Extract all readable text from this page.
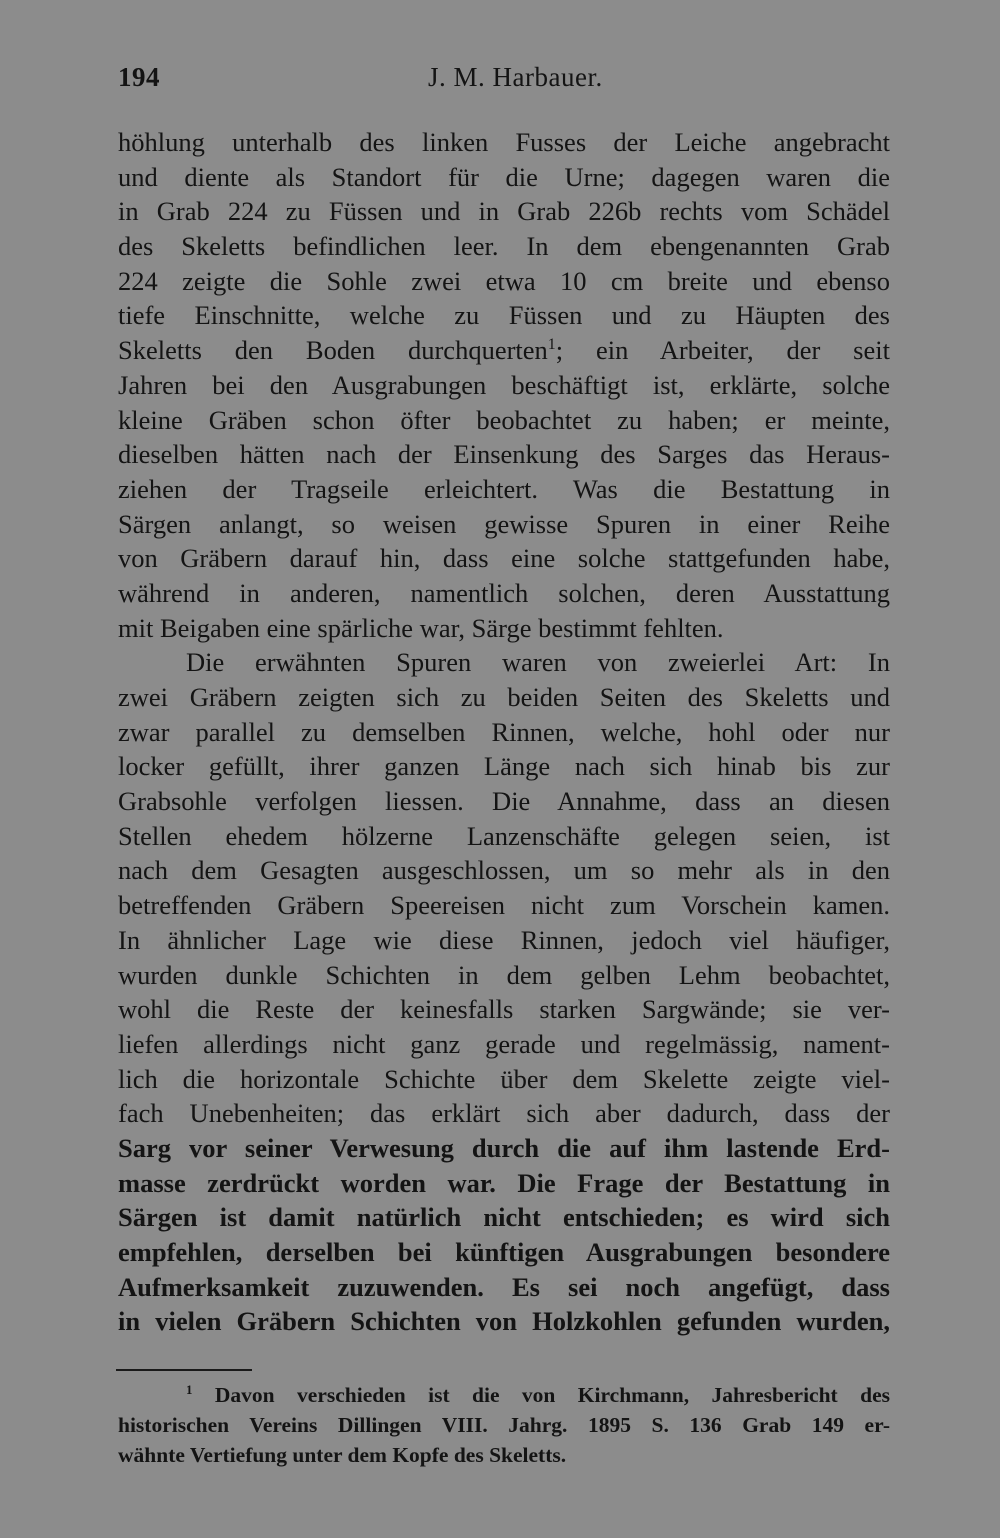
194	J. M. Harbauer.
höhlung unterhalb des linken Fusses der Leiche angebracht
und diente als Standort für die Urne; dagegen waren die
in Grab 224 zu Füssen und in Grab 226b rechts vom Schädel
des Skeletts befindlichen leer. In dem ebengenannten Grab
224 zeigte die Sohle zwei etwa 10 cm breite und ebenso
tiefe Einschnitte, welche zu Füssen und zu Häupten des
Skeletts den Boden durchquerten$^1$; ein Arbeiter, der seit
Jahren bei den Ausgrabungen beschäftigt ist, erklärte, solche
kleine Gräben schon öfter beobachtet zu haben; er meinte,
dieselben hätten nach der Einsenkung des Sarges das Heraus-
ziehen der Tragseile erleichtert. Was die Bestattung in
Särgen anlangt, so weisen gewisse Spuren in einer Reihe
von Gräbern darauf hin, dass eine solche stattgefunden habe,
während in anderen, namentlich solchen, deren Ausstattung
mit Beigaben eine spärliche war, Särge bestimmt fehlten.
Die erwähnten Spuren waren von zweierlei Art: In
zwei Gräbern zeigten sich zu beiden Seiten des Skeletts und
zwar parallel zu demselben Rinnen, welche, hohl oder nur
locker gefüllt, ihrer ganzen Länge nach sich hinab bis zur
Grabsohle verfolgen liessen. Die Annahme, dass an diesen
Stellen ehedem hölzerne Lanzenschäfte gelegen seien, ist
nach dem Gesagten ausgeschlossen, um so mehr als in den
betreffenden Gräbern Speereisen nicht zum Vorschein kamen.
In ähnlicher Lage wie diese Rinnen, jedoch viel häufiger,
wurden dunkle Schichten in dem gelben Lehm beobachtet,
wohl die Reste der keinesfalls starken Sargwände; sie ver-
liefen allerdings nicht ganz gerade und regelmässig, nament-
lich die horizontale Schichte über dem Skelette zeigte viel-
fach Unebenheiten; das erklärt sich aber dadurch, dass der
Sarg vor seiner Verwesung durch die auf ihm lastende Erd-
masse zerdrückt worden war. Die Frage der Bestattung in
Särgen ist damit natürlich nicht entschieden; es wird sich
empfehlen, derselben bei künftigen Ausgrabungen besondere
Aufmerksamkeit zuzuwenden. Es sei noch angefügt, dass
in vielen Gräbern Schichten von Holzkohlen gefunden wurden,
$^1$ Davon verschieden ist die von Kirchmann, Jahresbericht des
historischen Vereins Dillingen VIII. Jahrg. 1895 S. 136 Grab 149 er-
wähnte Vertiefung unter dem Kopfe des Skeletts.
